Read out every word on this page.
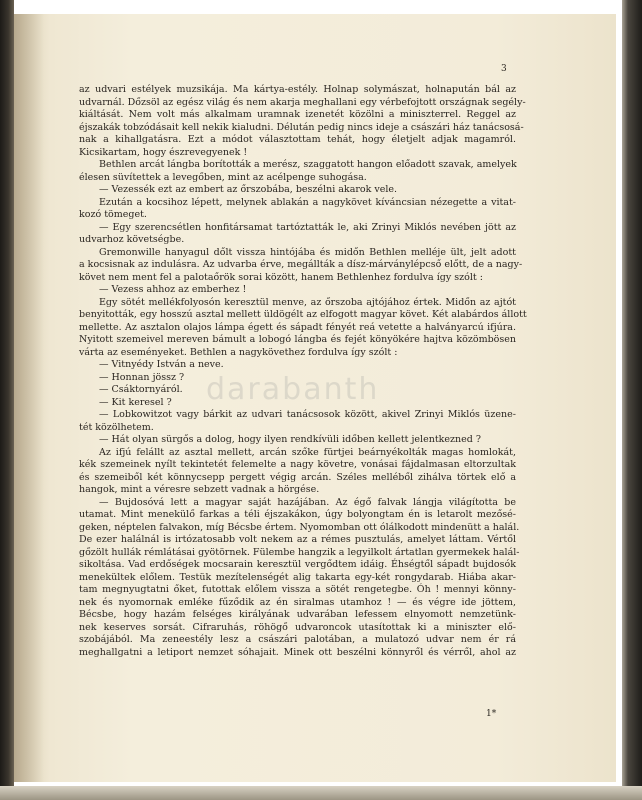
3
az udvari estélyek muzsikája. Ma kártya-estély. Holnap solymászat, holnapután bál az
udvarnál. Dőzsöl az egész világ és nem akarja meghallani egy vérbefojtott országnak segély-
kiáltását. Nem volt más alkalmam uramnak izenetét közölni a miniszterrel. Reggel az
éjszakák tobzódásait kell nekik kialudni. Délután pedig nincs ideje a császári ház tanácsosá-
nak a kihallgatásra. Ezt a módot választottam tehát, hogy életjelt adjak magamról.
Kicsikartam, hogy észrevegyenek !
Bethlen arcát lángba borították a merész, szaggatott hangon előadott szavak, amelyek
élesen süvítettek a levegőben, mint az acélpenge suhogása.
— Vezessék ezt az embert az őrszobába, beszélni akarok vele.
Ezután a kocsihoz lépett, melynek ablakán a nagykövet kíváncsian nézegette a vitat-
kozó tömeget.
— Egy szerencsétlen honfitársamat tartóztatták le, aki Zrinyi Miklós nevében jött az
udvarhoz követségbe.
Gremonwille hanyagul dőlt vissza hintójába és midőn Bethlen melléje ült, jelt adott
a kocsisnak az indulásra. Az udvarba érve, megállták a dísz-márványlépcső előtt, de a nagy-
követ nem ment fel a palotaőrök sorai között, hanem Bethlenhez fordulva így szólt :
— Vezess ahhoz az emberhez !
Egy sötét mellékfolyosón keresztül menve, az őrszoba ajtójához értek. Midőn az ajtót
benyitották, egy hosszú asztal mellett üldögélt az elfogott magyar követ. Két alabárdos állott
mellette. Az asztalon olajos lámpa égett és sápadt fényét reá vetette a halványarcú ifjúra.
Nyitott szemeivel mereven bámult a lobogó lángba és fejét könyökére hajtva közömbösen
várta az eseményeket. Bethlen a nagykövethez fordulva így szólt :
— Vitnyédy István a neve.
— Honnan jössz ?
— Csáktornyáról.
— Kit keresel ?
— Lobkowitzot vagy bárkit az udvari tanácsosok között, akivel Zrinyi Miklós üzene-
tét közölhetem.
— Hát olyan sürgős a dolog, hogy ilyen rendkívüli időben kellett jelentkezned ?
Az ifjú felállt az asztal mellett, arcán szőke fürtjei beárnyékolták magas homlokát,
kék szemeinek nyílt tekintetét felemelte a nagy követre, vonásai fájdalmasan eltorzultak
és szemeiből két könnycsepp pergett végig arcán. Széles melléből zihálva törtek elő a
hangok, mint a véresre sebzett vadnak a hörgése.
— Bujdosóvá lett a magyar saját hazájában. Az égő falvak lángja világította be
utamat. Mint menekülő farkas a téli éjszakákon, úgy bolyongtam én is letarolt mezősé-
geken, néptelen falvakon, míg Bécsbe értem. Nyomomban ott ólálkodott mindenütt a halál.
De ezer halálnál is irtózatosabb volt nekem az a rémes pusztulás, amelyet láttam. Vértől
gőzölt hullák rémlátásai gyötörnek. Fülembe hangzik a legyilkolt ártatlan gyermekek halál-
sikoltása. Vad erdőségek mocsarain keresztül vergődtem idáig. Éhségtől sápadt bujdosók
menekültek előlem. Testük mezítelenségét alig takarta egy-két rongydarab. Hiába akar-
tam megnyugtatni őket, futottak előlem vissza a sötét rengetegbe. Óh ! mennyi könny-
nek és nyomornak emléke fűződik az én siralmas utamhoz ! — és végre ide jöttem,
Bécsbe, hogy hazám felséges királyának udvarában lefessem elnyomott nemzetünk-
nek keserves sorsát. Cifraruhás, röhögő udvaroncok utasítottak ki a miniszter elő-
szobájából. Ma zeneestély lesz a császári palotában, a mulatozó udvar nem ér rá
meghallgatni a letiport nemzet sóhajait. Minek ott beszélni könnyről és vérről, ahol az
darabanth
1*
